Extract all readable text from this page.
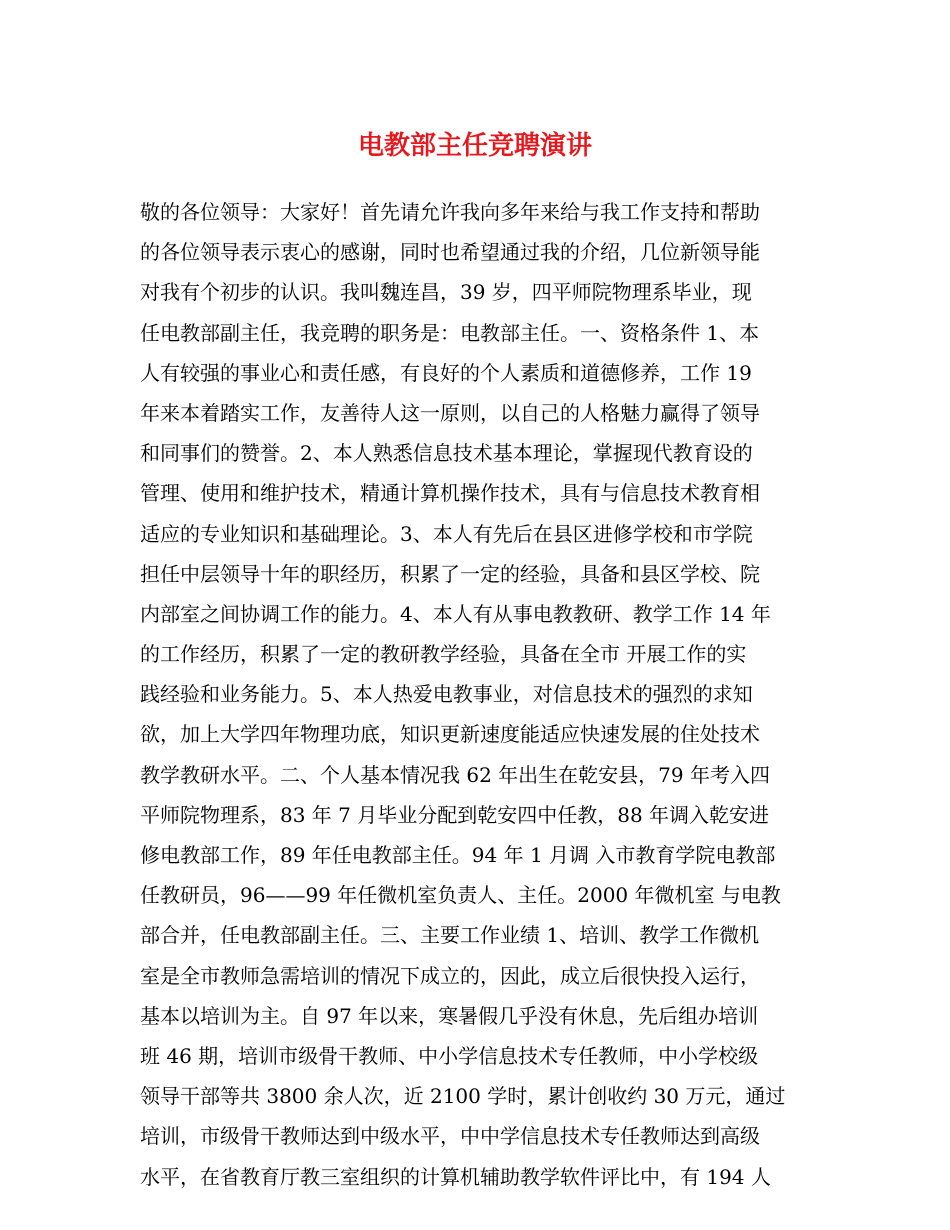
电教部主任竞聘演讲
敬的各位领导：大家好！首先请允许我向多年来给与我工作支持和帮助
的各位领导表示衷心的感谢，同时也希望通过我的介绍，几位新领导能
对我有个初步的认识。我叫魏连昌，39 岁，四平师院物理系毕业，现
任电教部副主任，我竞聘的职务是：电教部主任。一、资格条件 1、本
人有较强的事业心和责任感，有良好的个人素质和道德修养，工作 19
年来本着踏实工作，友善待人这一原则，以自己的人格魅力赢得了领导
和同事们的赞誉。2、本人熟悉信息技术基本理论，掌握现代教育设的
管理、使用和维护技术，精通计算机操作技术，具有与信息技术教育相
适应的专业知识和基础理论。3、本人有先后在县区进修学校和市学院
担任中层领导十年的职经历，积累了一定的经验，具备和县区学校、院
内部室之间协调工作的能力。4、本人有从事电教教研、教学工作 14 年
的工作经历，积累了一定的教研教学经验，具备在全市 开展工作的实
践经验和业务能力。5、本人热爱电教事业，对信息技术的强烈的求知
欲，加上大学四年物理功底，知识更新速度能适应快速发展的住处技术
教学教研水平。二、个人基本情况我 62 年出生在乾安县，79 年考入四
平师院物理系，83 年 7 月毕业分配到乾安四中任教，88 年调入乾安进
修电教部工作，89 年任电教部主任。94 年 1 月调 入市教育学院电教部
任教研员，96——99 年任微机室负责人、主任。2000 年微机室 与电教
部合并，任电教部副主任。三、主要工作业绩 1、培训、教学工作微机
室是全市教师急需培训的情况下成立的，因此，成立后很快投入运行，
基本以培训为主。自 97 年以来，寒暑假几乎没有休息，先后组办培训
班 46 期，培训市级骨干教师、中小学信息技术专任教师，中小学校级
领导干部等共 3800 余人次，近 2100 学时，累计创收约 30 万元，通过
培训，市级骨干教师达到中级水平，中中学信息技术专任教师达到高级
水平，在省教育厅教三室组织的计算机辅助教学软件评比中，有 194 人
